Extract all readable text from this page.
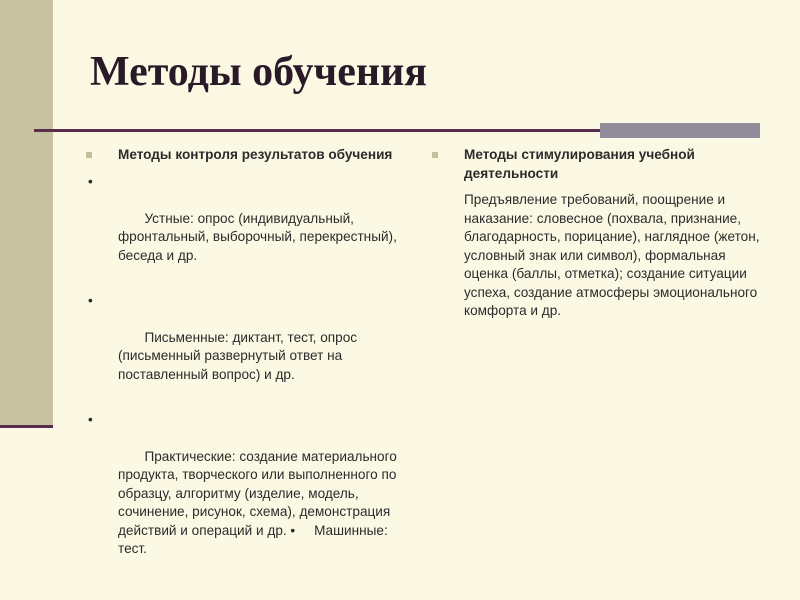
Методы обучения
Методы контроля результатов обучения

•

Устные: опрос (индивидуальный, фронтальный, выборочный, перекрестный), беседа и др.

•

Письменные: диктант, тест, опрос (письменный развернутый ответ на поставленный вопрос) и др.

•

Практические: создание материального продукта, творческого или выполненного по образцу, алгоритму (изделие, модель, сочинение, рисунок, схема), демонстрация действий и операций и др. •     Машинные: тест.

Методы стимулирования учебной деятельности
Предъявление требований, поощрение и наказание: словесное (похвала, признание, благодарность, порицание), наглядное (жетон, условный знак или символ), формальная оценка (баллы, отметка); создание ситуации успеха, создание атмосферы эмоционального комфорта и др.
